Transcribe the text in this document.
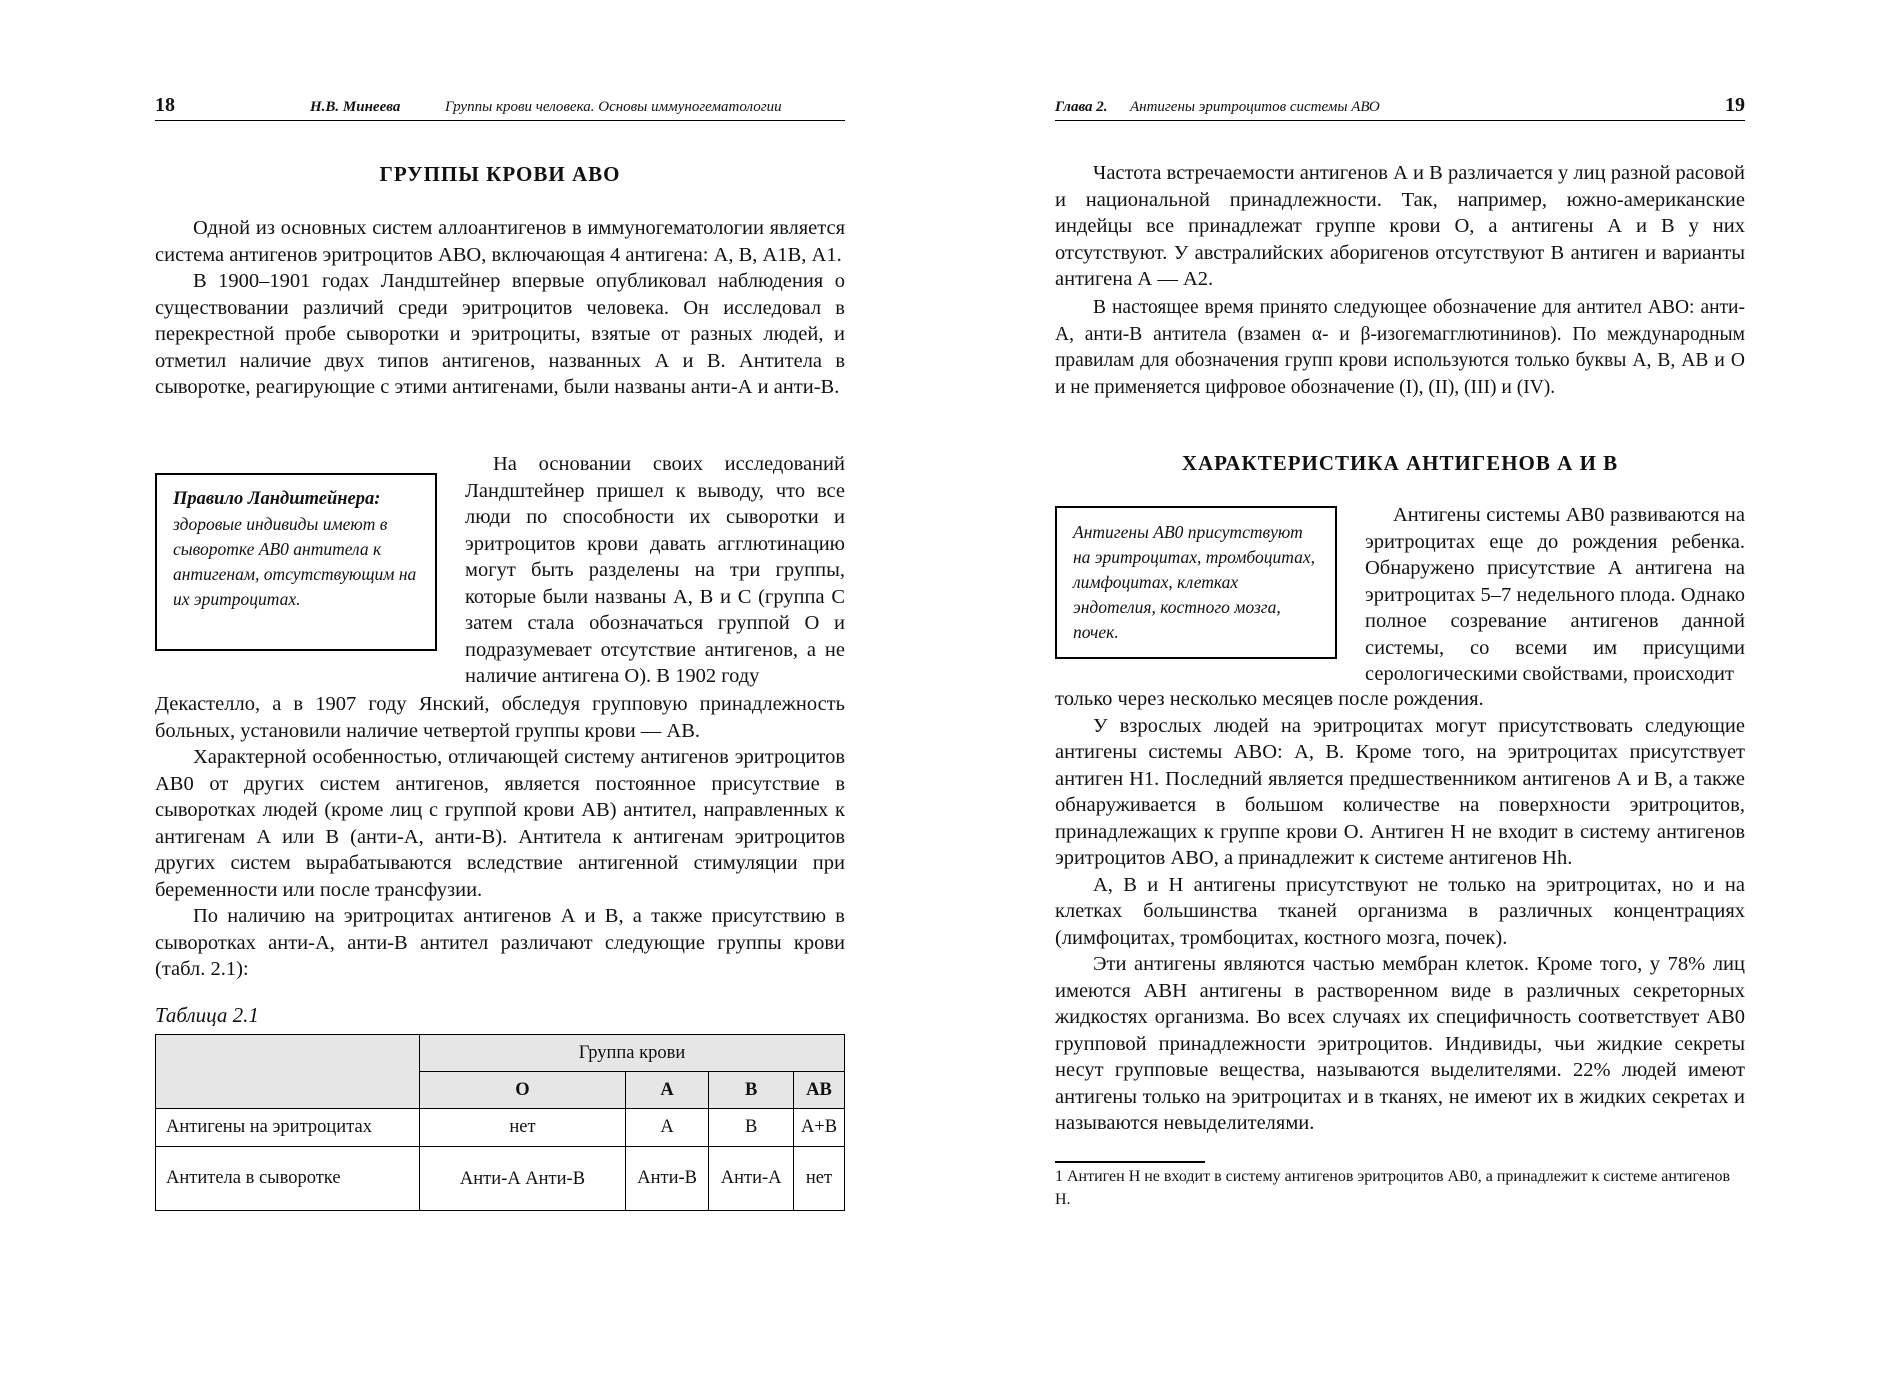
18	Н.В. Минеева	Группы крови человека. Основы иммуногематологии
ГРУППЫ КРОВИ АВО

Одной из основных систем аллоантигенов в иммуногематологии является система антигенов эритроцитов АВО, включающая 4 антигена: А, В, А1В, А1.

В 1900–1901 годах Ландштейнер впервые опубликовал наблюдения о существовании различий среди эритроцитов человека. Он исследовал в перекрестной пробе сыворотки и эритроциты, взятые от разных людей, и отметил наличие двух типов антигенов, названных А и В. Антитела в сыворотке, реагирующие с этими антигенами, были названы анти-А и анти-В.

Правило Ландштейнера:
здоровые индивиды имеют в сыворотке АВ0 антитела к антигенам, отсутствующим на их эритроцитах.

На основании своих исследований Ландштейнер пришел к выводу, что все люди по способности их сыворотки и эритроцитов крови давать агглютинацию могут быть разделены на три группы, которые были названы А, В и С (группа С затем стала обозначаться группой О и подразумевает отсутствие антигенов, а не наличие антигена О). В 1902 году

Декастелло, а в 1907 году Янский, обследуя групповую принадлежность больных, установили наличие четвертой группы крови — АВ.

Характерной особенностью, отличающей систему антигенов эритроцитов АВ0 от других систем антигенов, является постоянное присутствие в сыворотках людей (кроме лиц с группой крови АВ) антител, направленных к антигенам А или В (анти-А, анти-В). Антитела к антигенам эритроцитов других систем вырабатываются вследствие антигенной стимуляции при беременности или после трансфузии.

По наличию на эритроцитах антигенов А и В, а также присутствию в сыворотках анти-А, анти-В антител различают следующие группы крови (табл. 2.1):

Таблица 2.1
	Группа крови			
	O	A	B	AB
Антигены на эритроцитах	нет	А	В	А+В
Антитела в сыворотке	Анти-А Анти-В	Анти-В	Анти-А	нет
Глава 2. Антигены эритроцитов системы АВО	19

Частота встречаемости антигенов А и В различается у лиц разной расовой и национальной принадлежности. Так, например, южно-американские индейцы все принадлежат группе крови О, а антигены А и В у них отсутствуют. У австралийских аборигенов отсутствуют В антиген и варианты антигена А — А2.

В настоящее время принято следующее обозначение для антител АВО: анти-А, анти-В антитела (взамен α- и β-изогемагглютининов). По международным правилам для обозначения групп крови используются только буквы А, В, АВ и О и не применяется цифровое обозначение (I), (II), (III) и (IV).

ХАРАКТЕРИСТИКА АНТИГЕНОВ А И В
Антигены АВ0 присутствуют на эритроцитах, тромбоцитах, лимфоцитах, клетках эндотелия, костного мозга, почек.

Антигены системы АВ0 развиваются на эритроцитах еще до рождения ребенка. Обнаружено присутствие А антигена на эритроцитах 5–7 недельного плода. Однако полное созревание антигенов данной системы, со всеми им присущими серологическими свойствами, происходит

только через несколько месяцев после рождения.

У взрослых людей на эритроцитах могут присутствовать следующие антигены системы АВО: А, В. Кроме того, на эритроцитах присутствует антиген Н1. Последний является предшественником антигенов А и В, а также обнаруживается в большом количестве на поверхности эритроцитов, принадлежащих к группе крови О. Антиген Н не входит в систему антигенов эритроцитов АВО, а принадлежит к системе антигенов Hh.

А, В и Н антигены присутствуют не только на эритроцитах, но и на клетках большинства тканей организма в различных концентрациях (лимфоцитах, тромбоцитах, костного мозга, почек).

Эти антигены являются частью мембран клеток. Кроме того, у 78% лиц имеются АВН антигены в растворенном виде в различных секреторных жидкостях организма. Во всех случаях их специфичность соответствует АВ0 групповой принадлежности эритроцитов. Индивиды, чьи жидкие секреты несут групповые вещества, называются выделителями. 22% людей имеют антигены только на эритроцитах и в тканях, не имеют их в жидких секретах и называются невыделителями.

1 Антиген Н не входит в систему антигенов эритроцитов АВ0, а принадлежит к системе антигенов Н.
